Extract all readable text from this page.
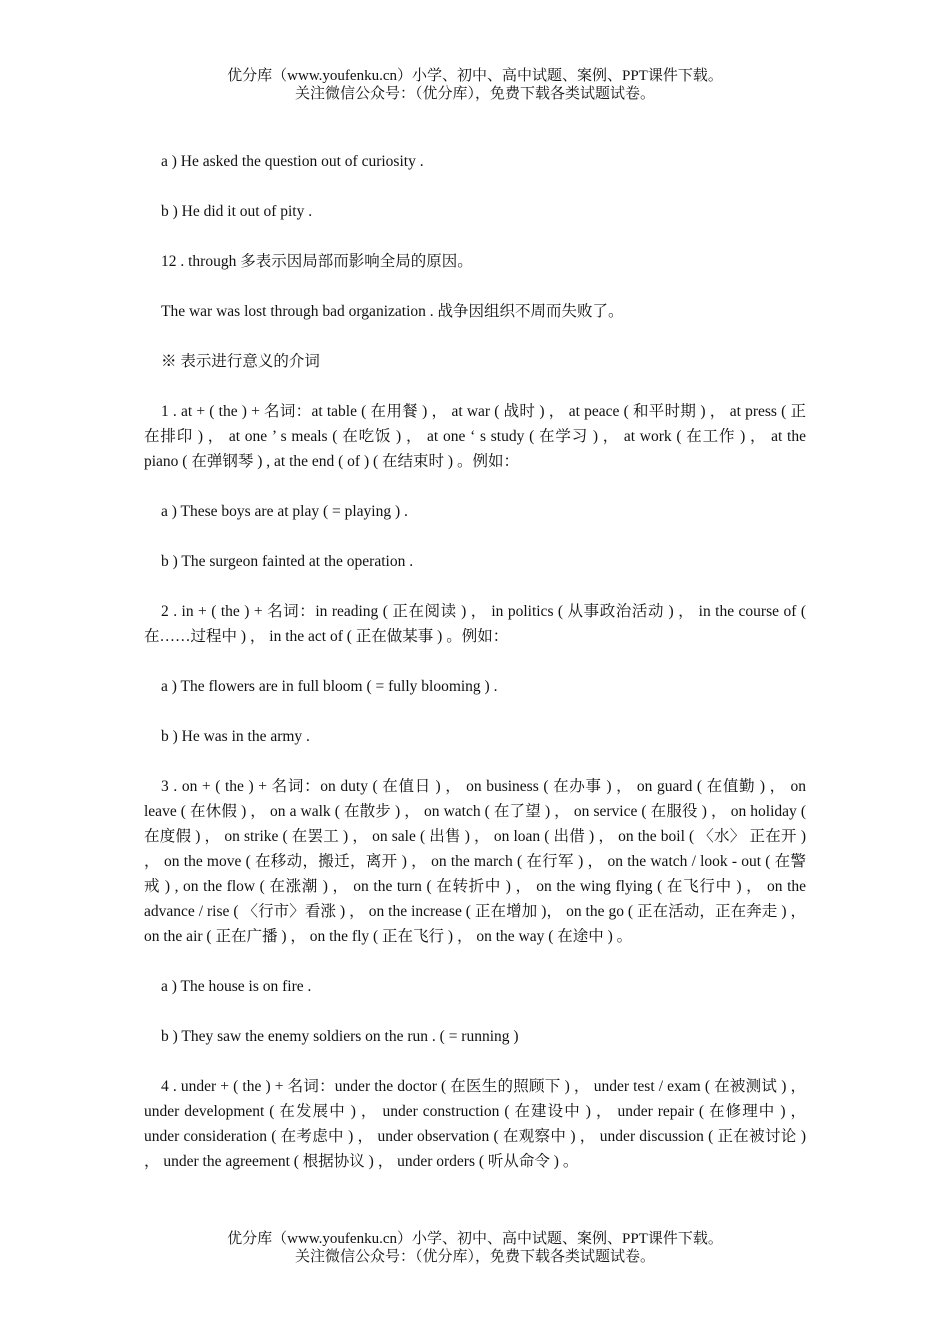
优分库（www.youfenku.cn）小学、初中、高中试题、案例、PPT课件下载。
关注微信公众号：（优分库），免费下载各类试题试卷。

a ) He asked the question out of curiosity .

b ) He did it out of pity .

12 . through 多表示因局部而影响全局的原因。

The war was lost through bad organization . 战争因组织不周而失败了。

※ 表示进行意义的介词

1 . at + ( the ) + 名词：at table ( 在用餐 ) ， at war ( 战时 ) ， at peace ( 和平时期 ) ， at press ( 正在排印 ) ， at one ’ s meals ( 在吃饭 ) ， at one ‘ s study ( 在学习 ) ， at work ( 在工作 ) ， at the piano ( 在弹钢琴 ) , at the end ( of ) ( 在结束时 ) 。例如：

a ) These boys are at play ( = playing ) .

b ) The surgeon fainted at the operation .

2 . in + ( the ) + 名词：in reading ( 正在阅读 ) ， in politics ( 从事政治活动 ) ， in the course of ( 在……过程中 ) ， in the act of ( 正在做某事 ) 。例如：

a ) The flowers are in full bloom ( = fully blooming ) .

b ) He was in the army .

3 . on + ( the ) + 名词：on duty ( 在值日 ) ， on business ( 在办事 ) ， on guard ( 在值勤 ) ， on leave ( 在休假 ) ， on a walk ( 在散步 ) ， on watch ( 在了望 ) ， on service ( 在服役 ) ， on holiday ( 在度假 ) ， on strike ( 在罢工 ) ， on sale ( 出售 ) ， on loan ( 出借 ) ， on the boil ( 〈水〉 正在开 ) ， on the move ( 在移动，搬迁，离开 ) ， on the march ( 在行军 ) ， on the watch / look - out ( 在警戒 ) , on the flow ( 在涨潮 ) ， on the turn ( 在转折中 ) ， on the wing flying ( 在飞行中 ) ， on the advance / rise ( 〈行市〉看涨 ) ， on the increase ( 正在增加 )， on the go ( 正在活动，正在奔走 ) ， on the air ( 正在广播 ) ， on the fly ( 正在飞行 ) ， on the way ( 在途中 ) 。

a ) The house is on fire .

b ) They saw the enemy soldiers on the run . ( = running )

4 . under + ( the ) + 名词：under the doctor ( 在医生的照顾下 ) ， under test / exam ( 在被测试 ) ， under development ( 在发展中 ) ， under construction ( 在建设中 ) ， under repair ( 在修理中 ) ， under consideration ( 在考虑中 ) ， under observation ( 在观察中 ) ， under discussion ( 正在被讨论 ) ， under the agreement ( 根据协议 ) ， under orders ( 听从命令 ) 。

优分库（www.youfenku.cn）小学、初中、高中试题、案例、PPT课件下载。
关注微信公众号：（优分库），免费下载各类试题试卷。
